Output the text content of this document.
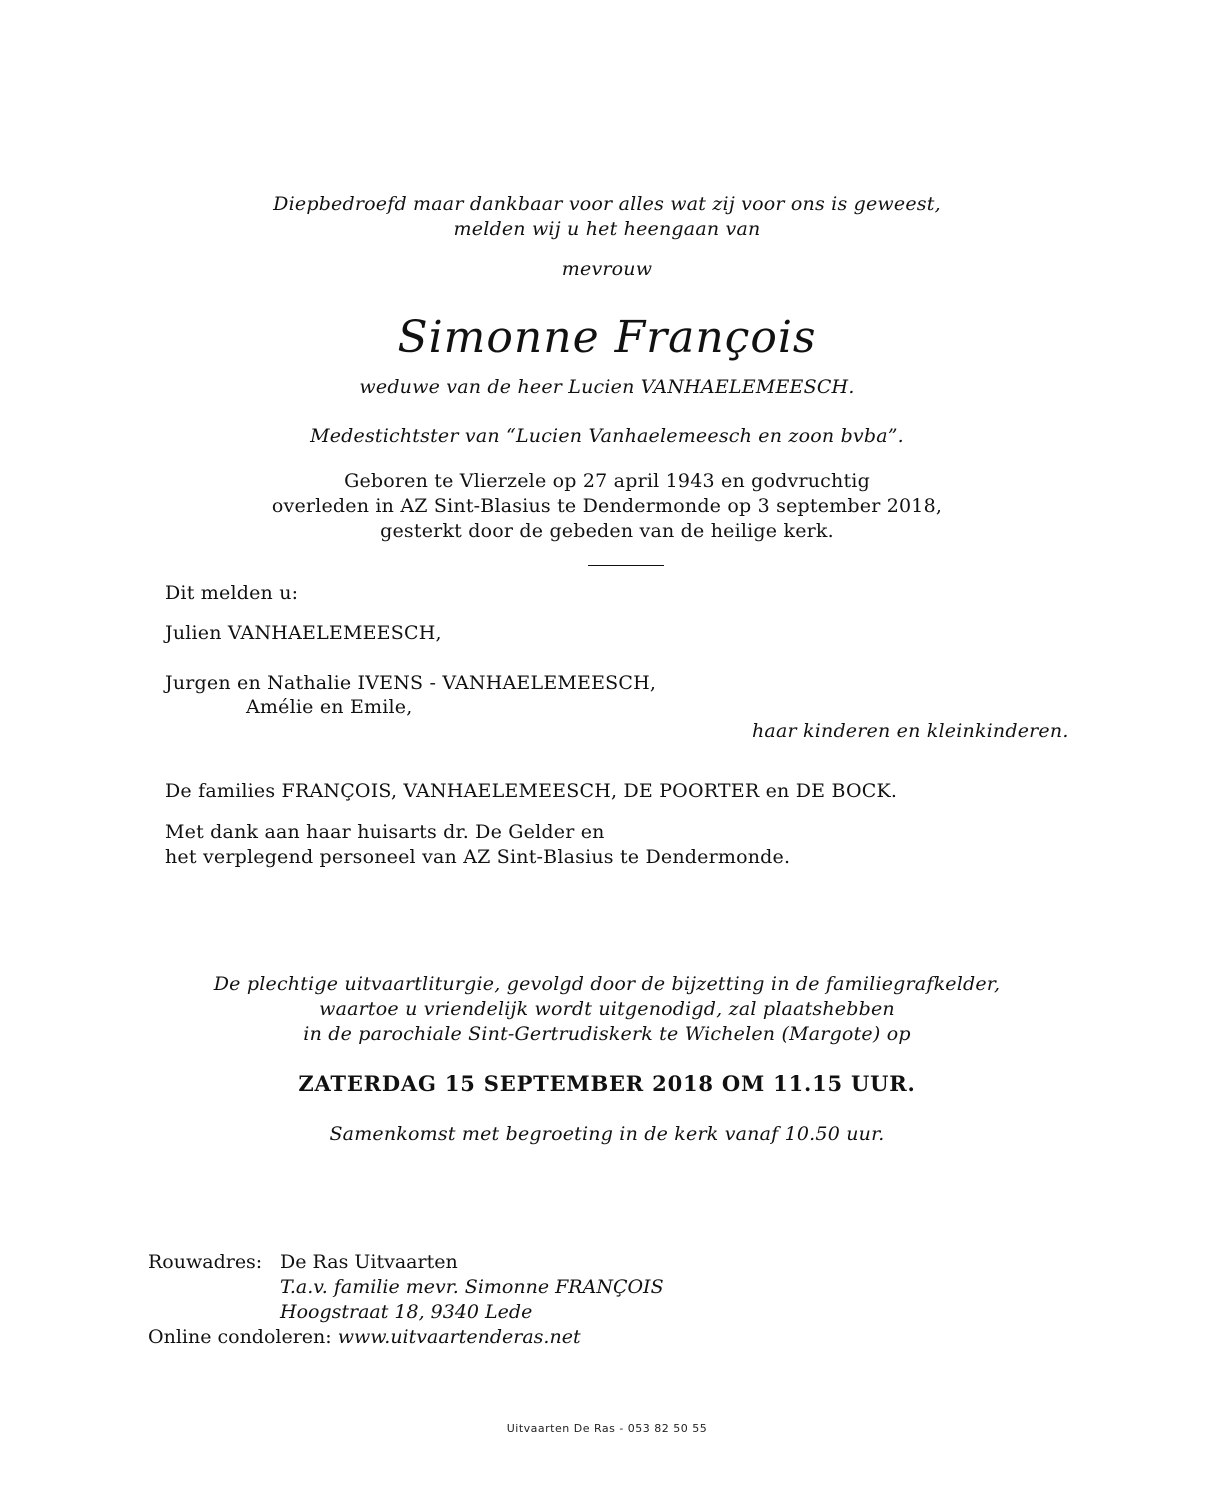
Diepbedroefd maar dankbaar voor alles wat zij voor ons is geweest,
melden wij u het heengaan van
mevrouw
Simonne François
weduwe van de heer Lucien VANHAELEMEESCH.
Medestichtster van “Lucien Vanhaelemeesch en zoon bvba”.
Geboren te Vlierzele op 27 april 1943 en godvruchtig
overleden in AZ Sint-Blasius te Dendermonde op 3 september 2018,
gesterkt door de gebeden van de heilige kerk.
Dit melden u:
Julien VANHAELEMEESCH,
Jurgen en Nathalie IVENS - VANHAELEMEESCH,
Amélie en Emile,
haar kinderen en kleinkinderen.
De families FRANÇOIS, VANHAELEMEESCH, DE POORTER en DE BOCK.
Met dank aan haar huisarts dr. De Gelder en
het verplegend personeel van AZ Sint-Blasius te Dendermonde.
De plechtige uitvaartliturgie, gevolgd door de bijzetting in de familiegrafkelder,
waartoe u vriendelijk wordt uitgenodigd, zal plaatshebben
in de parochiale Sint-Gertrudiskerk te Wichelen (Margote) op
ZATERDAG 15 SEPTEMBER 2018 OM 11.15 UUR.
Samenkomst met begroeting in de kerk vanaf 10.50 uur.
Rouwadres: De Ras Uitvaarten
T.a.v. familie mevr. Simonne FRANÇOIS
Hoogstraat 18, 9340 Lede
Online condoleren: www.uitvaartenderas.net
Uitvaarten De Ras - 053 82 50 55
